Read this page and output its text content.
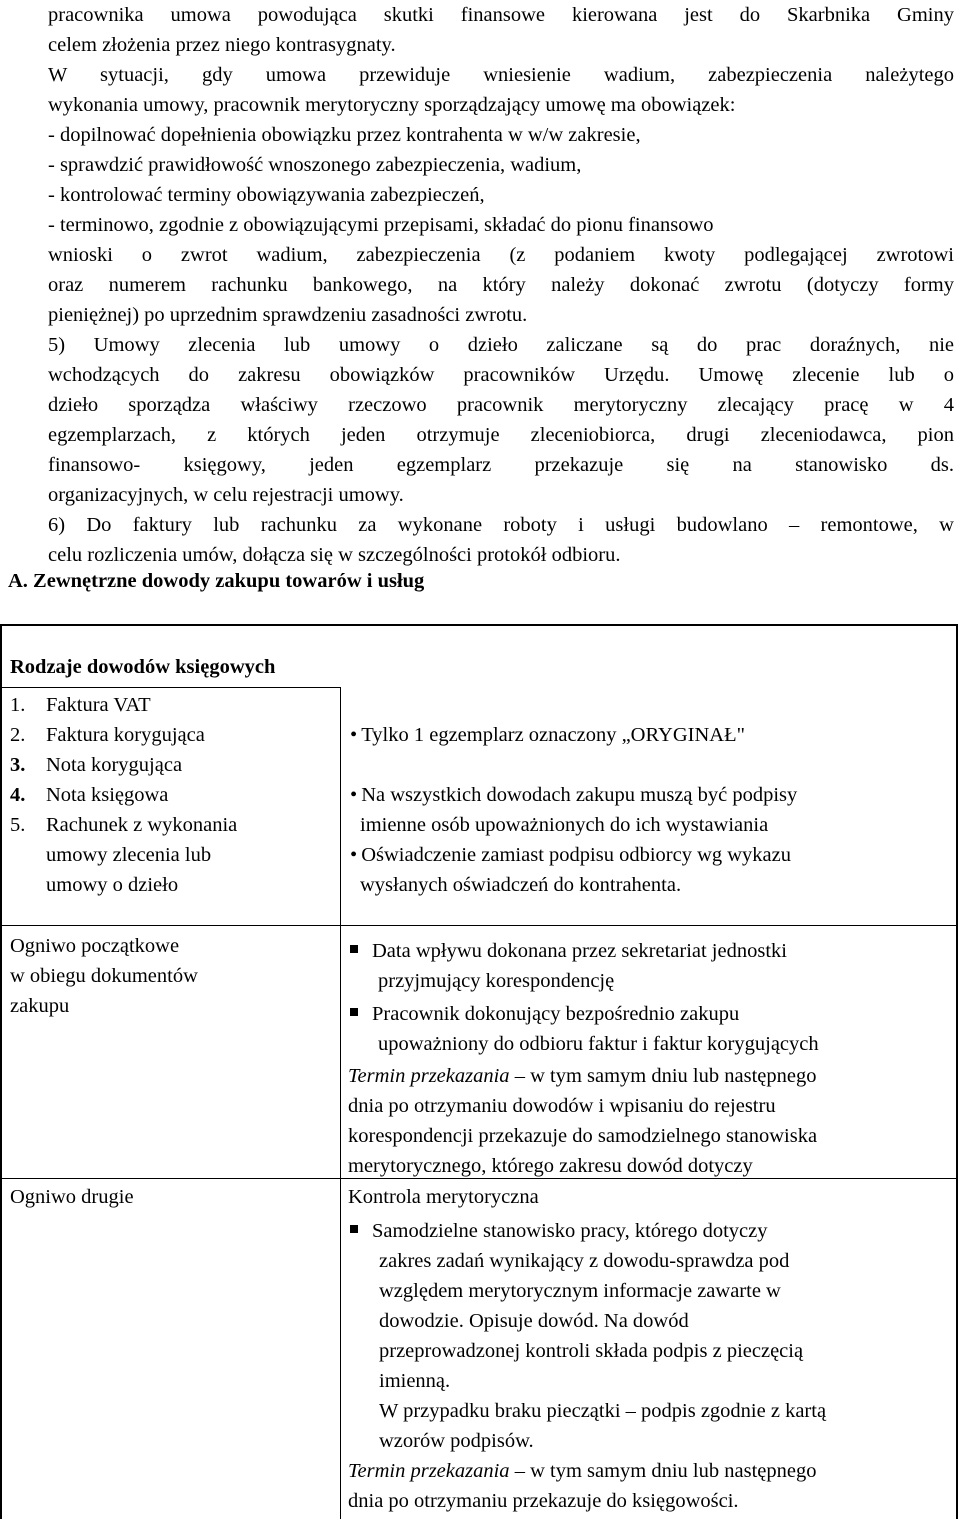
pracownika umowa powodująca skutki finansowe kierowana jest do Skarbnika Gminy
celem złożenia przez niego kontrasygnaty.
W sytuacji, gdy umowa przewiduje wniesienie wadium, zabezpieczenia należytego
wykonania umowy, pracownik merytoryczny sporządzający umowę ma obowiązek:
- dopilnować dopełnienia obowiązku przez kontrahenta w w/w zakresie,
- sprawdzić prawidłowość wnoszonego zabezpieczenia, wadium,
- kontrolować terminy obowiązywania zabezpieczeń,
- terminowo, zgodnie z obowiązującymi przepisami, składać do pionu finansowo
wnioski o zwrot wadium, zabezpieczenia (z podaniem kwoty podlegającej zwrotowi
oraz numerem rachunku bankowego, na który należy dokonać zwrotu (dotyczy formy
pieniężnej) po uprzednim sprawdzeniu zasadności zwrotu.
5) Umowy zlecenia lub umowy o dzieło zaliczane są do prac doraźnych, nie
wchodzących do zakresu obowiązków pracowników Urzędu. Umowę zlecenie lub o
dzieło sporządza właściwy rzeczowo pracownik merytoryczny zlecający pracę w 4
egzemplarzach, z których jeden otrzymuje zleceniobiorca, drugi zleceniodawca, pion
finansowo- księgowy, jeden egzemplarz przekazuje się na stanowisko ds.
organizacyjnych, w celu rejestracji umowy.
6) Do faktury lub rachunku za wykonane roboty i usługi budowlano – remontowe, w
celu rozliczenia umów, dołącza się w szczególności protokół odbioru.
A. Zewnętrzne dowody zakupu towarów i usług
Rodzaje dowodów księgowych
1. Faktura VAT
2. Faktura korygująca
3. Nota korygująca
4. Nota księgowa
5. Rachunek z wykonania
umowy zlecenia lub
umowy o dzieło
• Tylko 1 egzemplarz oznaczony „ORYGINAŁ"
• Na wszystkich dowodach zakupu muszą być podpisy
imienne osób upoważnionych do ich wystawiania
• Oświadczenie zamiast podpisu odbiorcy wg wykazu
wysłanych oświadczeń do kontrahenta.
Ogniwo początkowe
w obiegu dokumentów
zakupu
Data wpływu dokonana przez sekretariat jednostki
przyjmujący korespondencję
Pracownik dokonujący bezpośrednio zakupu
upoważniony do odbioru faktur i faktur korygujących
Termin przekazania – w tym samym dniu lub następnego
dnia po otrzymaniu dowodów i wpisaniu do rejestru
korespondencji przekazuje do samodzielnego stanowiska
merytorycznego, którego zakresu dowód dotyczy
Ogniwo drugie	Kontrola merytoryczna
Samodzielne stanowisko pracy, którego dotyczy
zakres zadań wynikający z dowodu-sprawdza pod
względem merytorycznym informacje zawarte w
dowodzie. Opisuje dowód. Na dowód
przeprowadzonej kontroli składa podpis z pieczęcią
imienną.
W przypadku braku pieczątki – podpis zgodnie z kartą
wzorów podpisów.
Termin przekazania – w tym samym dniu lub następnego
dnia po otrzymaniu przekazuje do księgowości.
